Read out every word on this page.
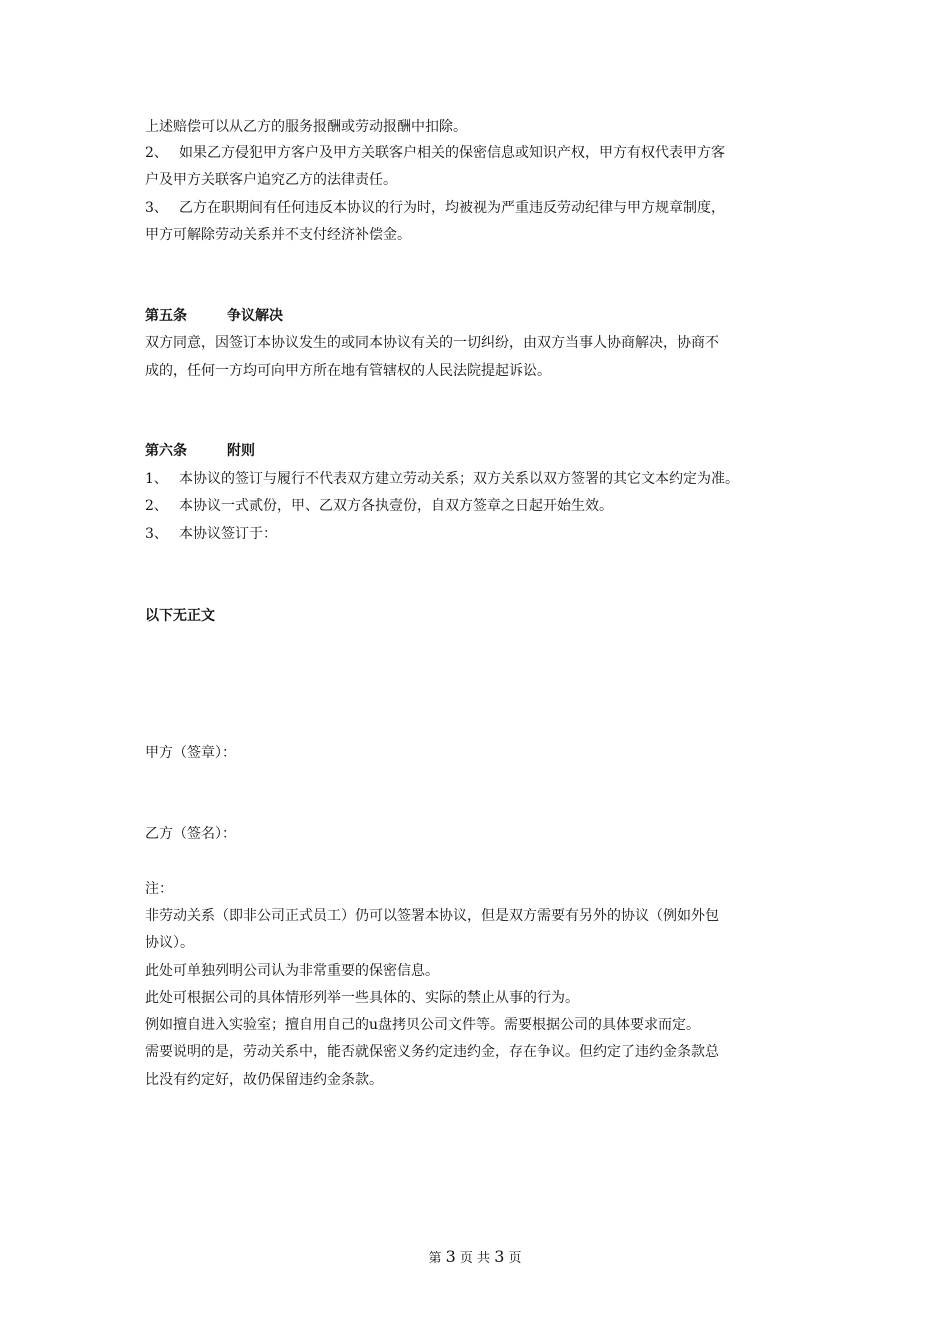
上述赔偿可以从乙方的服务报酬或劳动报酬中扣除。
2、 如果乙方侵犯甲方客户及甲方关联客户相关的保密信息或知识产权，甲方有权代表甲方客
户及甲方关联客户追究乙方的法律责任。
3、 乙方在职期间有任何违反本协议的行为时，均被视为严重违反劳动纪律与甲方规章制度，
甲方可解除劳动关系并不支付经济补偿金。
第五条	争议解决
双方同意，因签订本协议发生的或同本协议有关的一切纠纷，由双方当事人协商解决，协商不
成的，任何一方均可向甲方所在地有管辖权的人民法院提起诉讼。
第六条	附则
1、 本协议的签订与履行不代表双方建立劳动关系；双方关系以双方签署的其它文本约定为准。
2、 本协议一式贰份，甲、乙双方各执壹份，自双方签章之日起开始生效。
3、 本协议签订于：
以下无正文
甲方（签章）：
乙方（签名）：
注：
非劳动关系（即非公司正式员工）仍可以签署本协议，但是双方需要有另外的协议（例如外包
协议）。
此处可单独列明公司认为非常重要的保密信息。
此处可根据公司的具体情形列举一些具体的、实际的禁止从事的行为。
例如擅自进入实验室；擅自用自己的u盘拷贝公司文件等。需要根据公司的具体要求而定。
需要说明的是，劳动关系中，能否就保密义务约定违约金，存在争议。但约定了违约金条款总
比没有约定好，故仍保留违约金条款。
第 3 页 共 3 页
